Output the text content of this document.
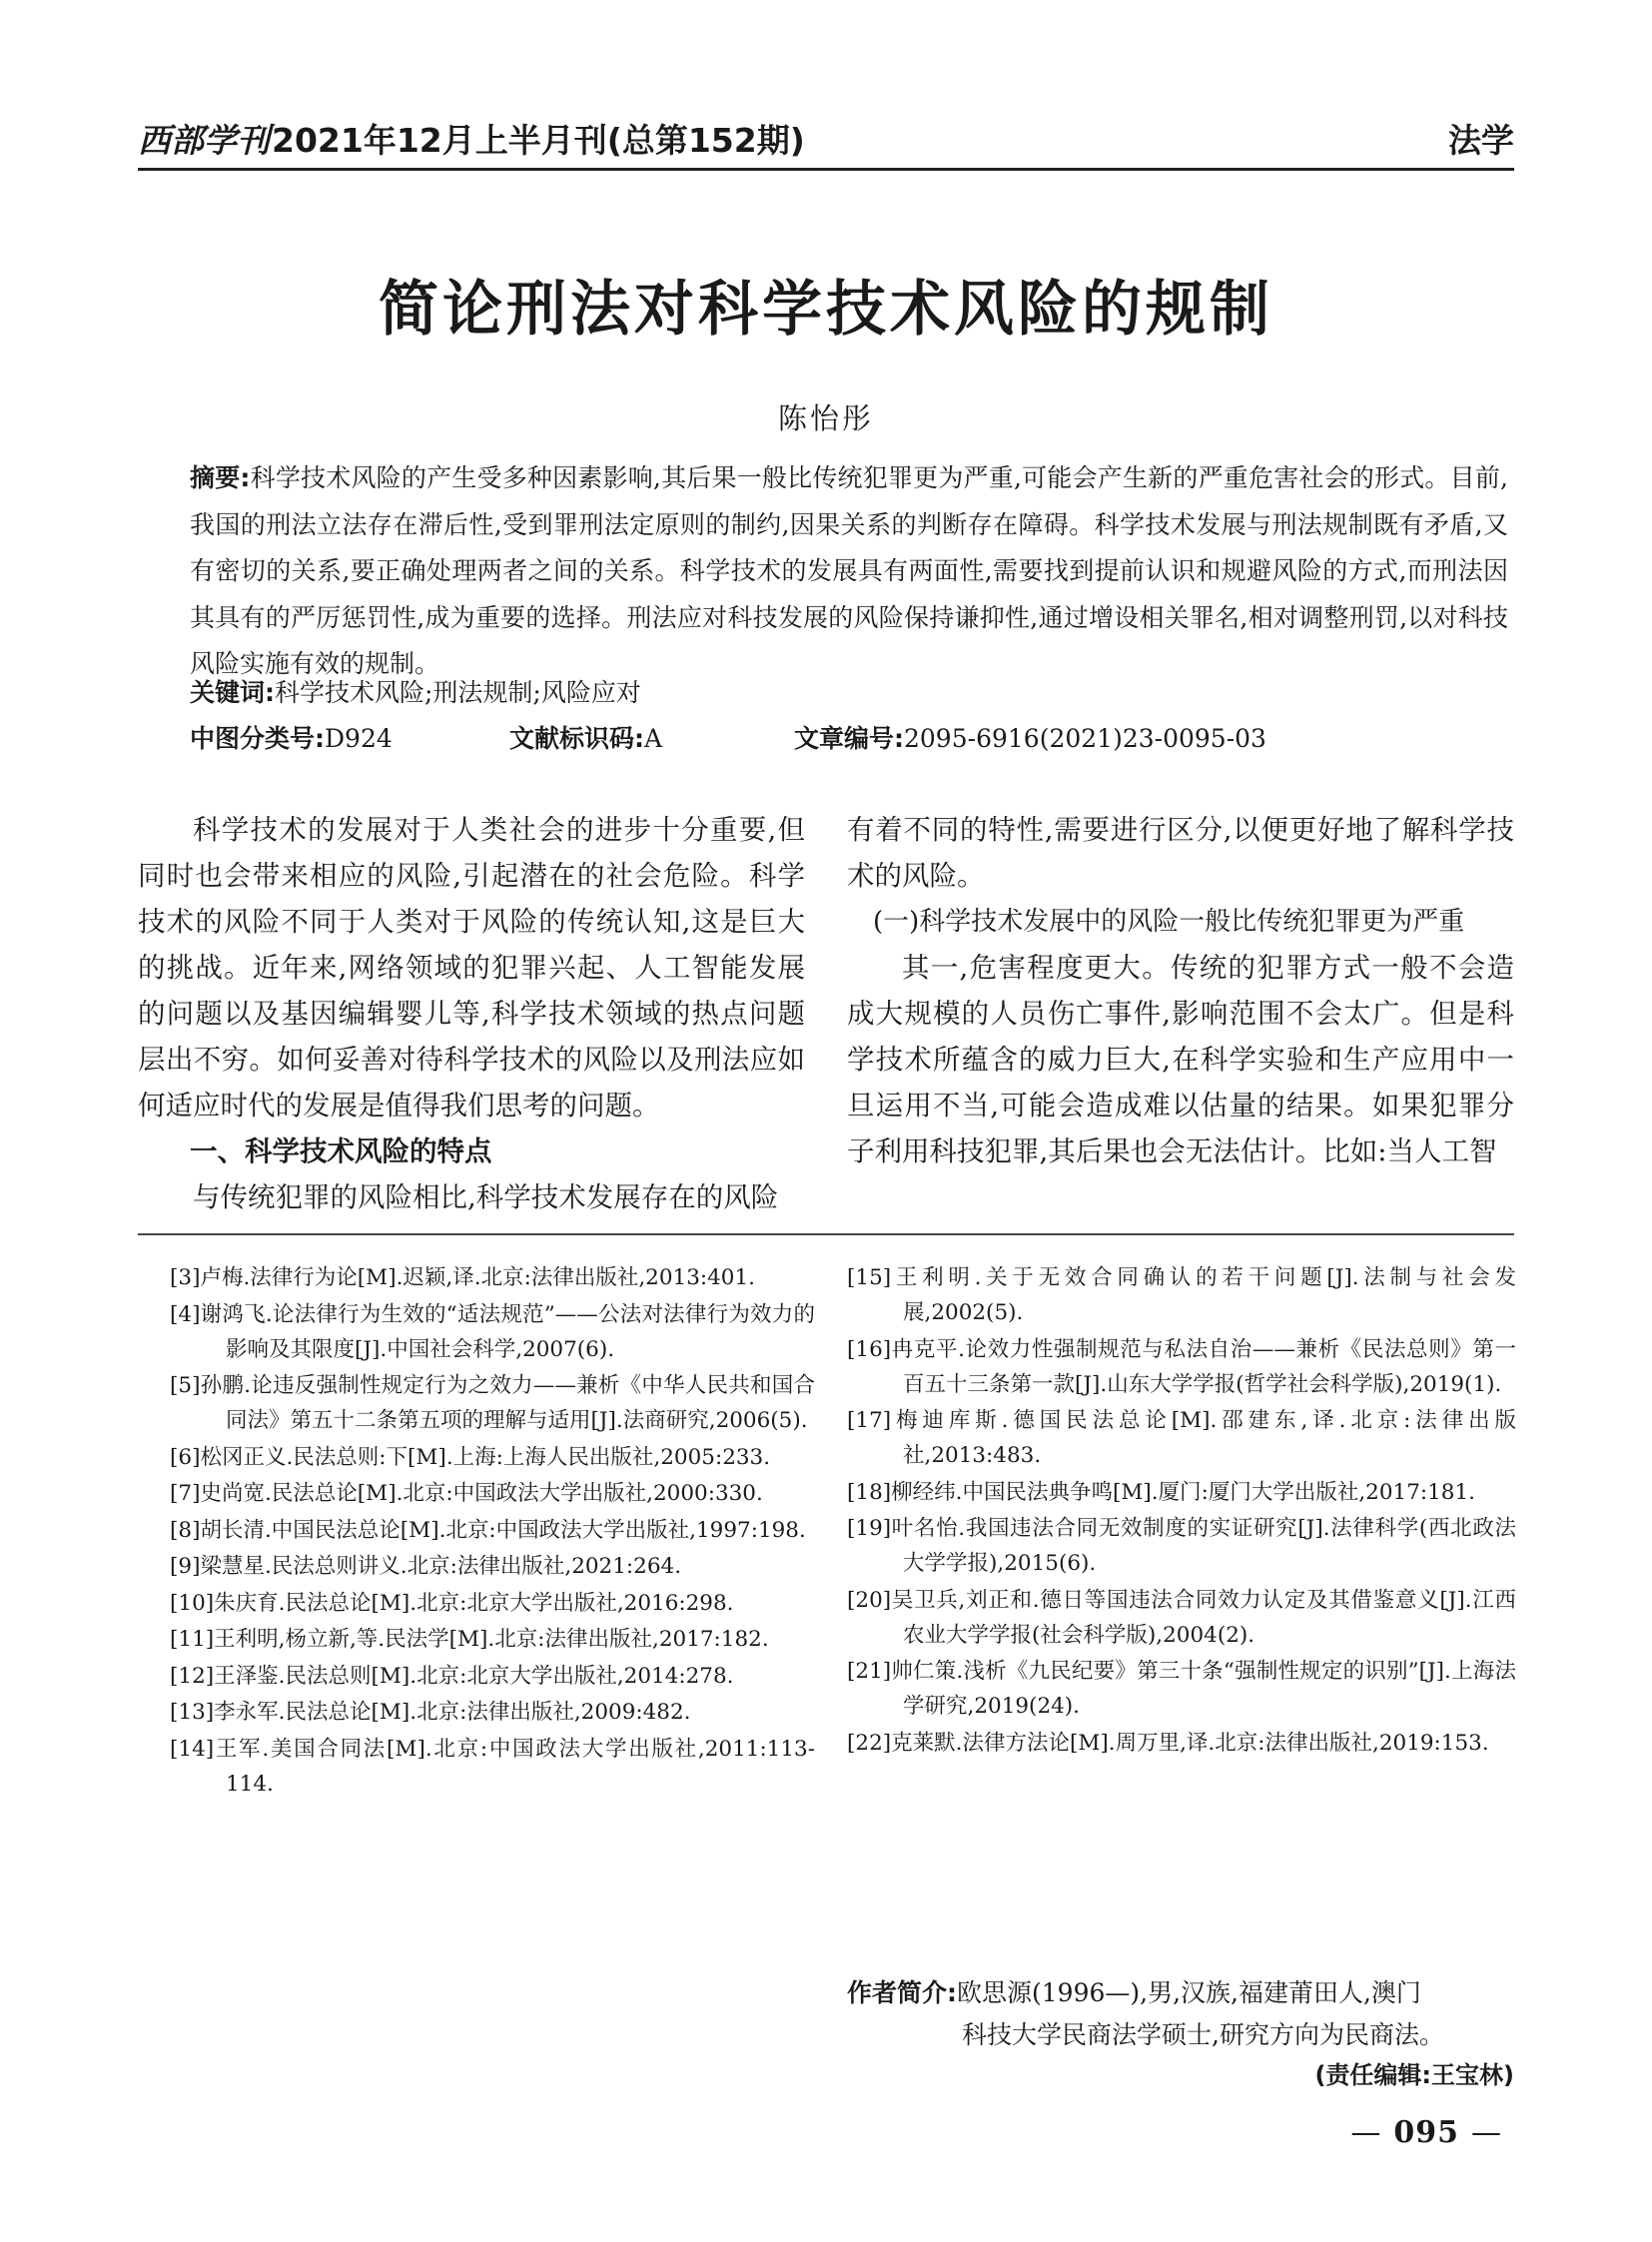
西部学刊2021年12月上半月刊(总第152期)	法学
简论刑法对科学技术风险的规制
陈怡彤
摘要:科学技术风险的产生受多种因素影响,其后果一般比传统犯罪更为严重,可能会产生新的严重危害社会的形式。目前,我国的刑法立法存在滞后性,受到罪刑法定原则的制约,因果关系的判断存在障碍。科学技术发展与刑法规制既有矛盾,又有密切的关系,要正确处理两者之间的关系。科学技术的发展具有两面性,需要找到提前认识和规避风险的方式,而刑法因其具有的严厉惩罚性,成为重要的选择。刑法应对科技发展的风险保持谦抑性,通过增设相关罪名,相对调整刑罚,以对科技风险实施有效的规制。
关键词:科学技术风险;刑法规制;风险应对
中图分类号:D924	文献标识码:A	文章编号:2095-6916(2021)23-0095-03

科学技术的发展对于人类社会的进步十分重要,但同时也会带来相应的风险,引起潜在的社会危险。科学技术的风险不同于人类对于风险的传统认知,这是巨大的挑战。近年来,网络领域的犯罪兴起、人工智能发展的问题以及基因编辑婴儿等,科学技术领域的热点问题层出不穷。如何妥善对待科学技术的风险以及刑法应如何适应时代的发展是值得我们思考的问题。

一、科学技术风险的特点

与传统犯罪的风险相比,科学技术发展存在的风险

有着不同的特性,需要进行区分,以便更好地了解科学技术的风险。

(一)科学技术发展中的风险一般比传统犯罪更为严重

其一,危害程度更大。传统的犯罪方式一般不会造成大规模的人员伤亡事件,影响范围不会太广。但是科学技术所蕴含的威力巨大,在科学实验和生产应用中一旦运用不当,可能会造成难以估量的结果。如果犯罪分子利用科技犯罪,其后果也会无法估计。比如:当人工智

[3]卢梅.法律行为论[M].迟颖,译.北京:法律出版社,2013:401.

[4]谢鸿飞.论法律行为生效的“适法规范”——公法对法律行为效力的影响及其限度[J].中国社会科学,2007(6).

[5]孙鹏.论违反强制性规定行为之效力——兼析《中华人民共和国合同法》第五十二条第五项的理解与适用[J].法商研究,2006(5).

[6]松冈正义.民法总则:下[M].上海:上海人民出版社,2005:233.

[7]史尚宽.民法总论[M].北京:中国政法大学出版社,2000:330.

[8]胡长清.中国民法总论[M].北京:中国政法大学出版社,1997:198.

[9]梁慧星.民法总则讲义.北京:法律出版社,2021:264.

[10]朱庆育.民法总论[M].北京:北京大学出版社,2016:298.

[11]王利明,杨立新,等.民法学[M].北京:法律出版社,2017:182.

[12]王泽鉴.民法总则[M].北京:北京大学出版社,2014:278.

[13]李永军.民法总论[M].北京:法律出版社,2009:482.

[14]王军.美国合同法[M].北京:中国政法大学出版社,2011:113-114.

[15]王利明.关于无效合同确认的若干问题[J].法制与社会发展,2002(5).

[16]冉克平.论效力性强制规范与私法自治——兼析《民法总则》第一百五十三条第一款[J].山东大学学报(哲学社会科学版),2019(1).

[17]梅迪库斯.德国民法总论[M].邵建东,译.北京:法律出版社,2013:483.

[18]柳经纬.中国民法典争鸣[M].厦门:厦门大学出版社,2017:181.

[19]叶名怡.我国违法合同无效制度的实证研究[J].法律科学(西北政法大学学报),2015(6).

[20]吴卫兵,刘正和.德日等国违法合同效力认定及其借鉴意义[J].江西农业大学学报(社会科学版),2004(2).

[21]帅仁策.浅析《九民纪要》第三十条“强制性规定的识别”[J].上海法学研究,2019(24).

[22]克莱默.法律方法论[M].周万里,译.北京:法律出版社,2019:153.

作者简介:欧思源(1996—),男,汉族,福建莆田人,澳门
科技大学民商法学硕士,研究方向为民商法。
(责任编辑:王宝林)
— 095 —
